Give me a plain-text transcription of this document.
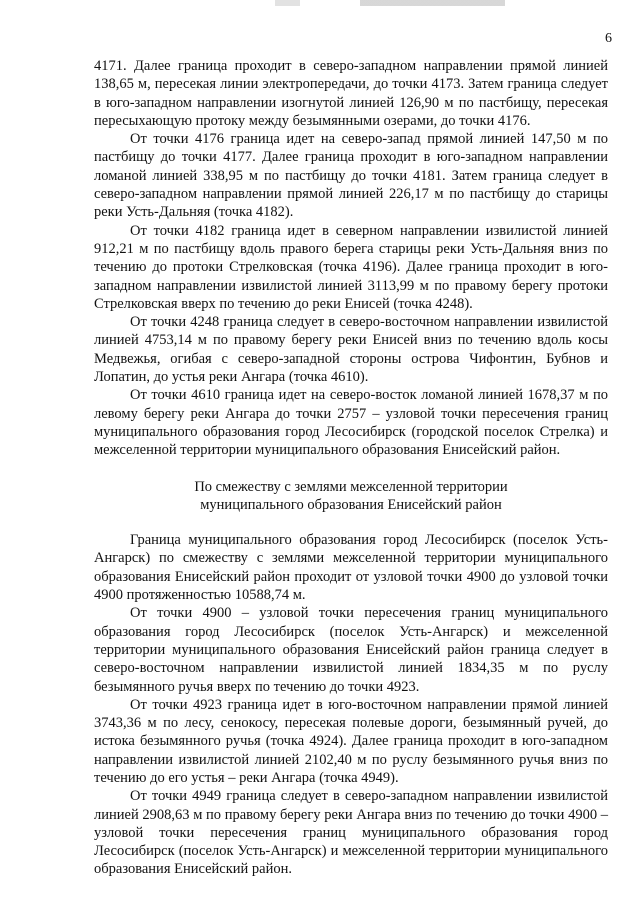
6

4171. Далее граница проходит в северо-западном направлении прямой линией 138,65 м, пересекая линии электропередачи, до точки 4173. Затем граница следует в юго-западном направлении изогнутой линией 126,90 м по пастбищу, пересекая пересыхающую протоку между безымянными озерами, до точки 4176.

От точки 4176 граница идет на северо-запад прямой линией 147,50 м по пастбищу до точки 4177. Далее граница проходит в юго-западном направлении ломаной линией 338,95 м по пастбищу до точки 4181. Затем граница следует в северо-западном направлении прямой линией 226,17 м по пастбищу до старицы реки Усть-Дальняя (точка 4182).

От точки 4182 граница идет в северном направлении извилистой линией 912,21 м по пастбищу вдоль правого берега старицы реки Усть-Дальняя вниз по течению до протоки Стрелковская (точка 4196). Далее граница проходит в юго-западном направлении извилистой линией 3113,99 м по правому берегу протоки Стрелковская вверх по течению до реки Енисей (точка 4248).

От точки 4248 граница следует в северо-восточном направлении извилистой линией 4753,14 м по правому берегу реки Енисей вниз по течению вдоль косы Медвежья, огибая с северо-западной стороны острова Чифонтин, Бубнов и Лопатин, до устья реки Ангара (точка 4610).

От точки 4610 граница идет на северо-восток ломаной линией 1678,37 м по левому берегу реки Ангара до точки 2757 – узловой точки пересечения границ муниципального образования город Лесосибирск (городской поселок Стрелка) и межселенной территории муниципального образования Енисейский район.

По смежеству с землями межселенной территории
муниципального образования Енисейский район

Граница муниципального образования город Лесосибирск (поселок Усть-Ангарск) по смежеству с землями межселенной территории муниципального образования Енисейский район проходит от узловой точки 4900 до узловой точки 4900 протяженностью 10588,74 м.

От точки 4900 – узловой точки пересечения границ муниципального образования город Лесосибирск (поселок Усть-Ангарск) и межселенной территории муниципального образования Енисейский район граница следует в северо-восточном направлении извилистой линией 1834,35 м по руслу безымянного ручья вверх по течению до точки 4923.

От точки 4923 граница идет в юго-восточном направлении прямой линией 3743,36 м по лесу, сенокосу, пересекая полевые дороги, безымянный ручей, до истока безымянного ручья (точка 4924). Далее граница проходит в юго-западном направлении извилистой линией 2102,40 м по руслу безымянного ручья вниз по течению до его устья – реки Ангара (точка 4949).

От точки 4949 граница следует в северо-западном направлении извилистой линией 2908,63 м по правому берегу реки Ангара вниз по течению до точки 4900 – узловой точки пересечения границ муниципального образования город Лесосибирск (поселок Усть-Ангарск) и межселенной территории муниципального образования Енисейский район.
